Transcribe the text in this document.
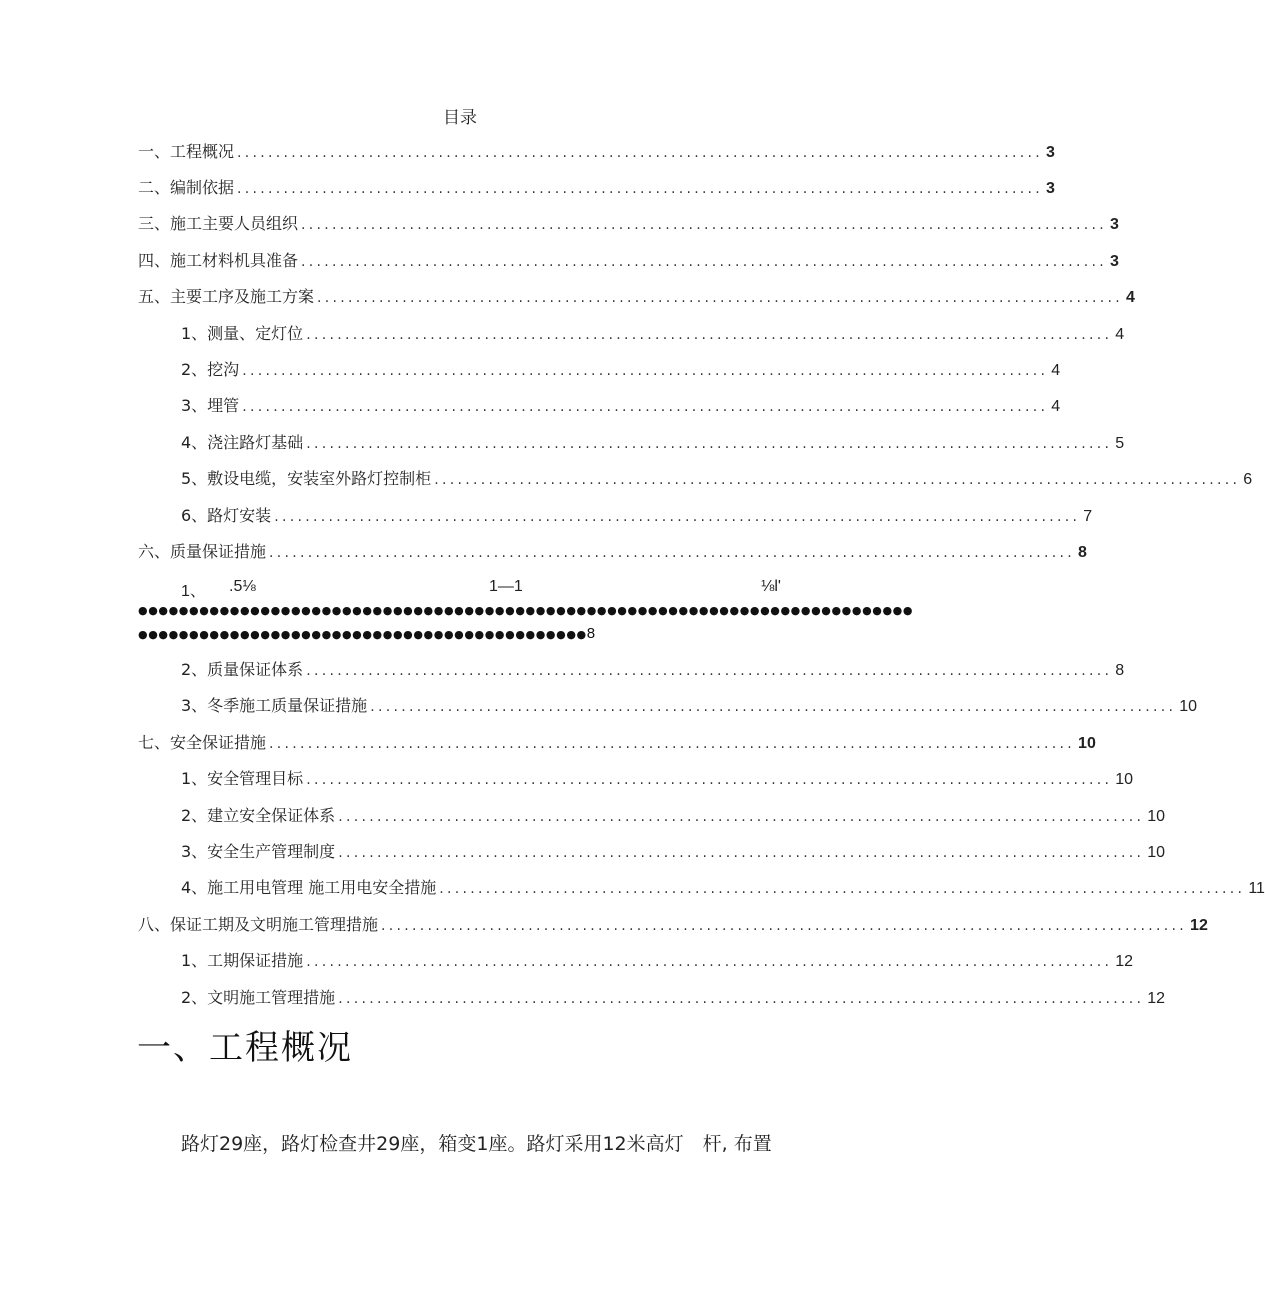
目录
一、工程概况 ........................................................................................................ 3
二、编制依据 ........................................................................................................ 3
三、施工主要人员组织 ........................................................................................................ 3
四、施工材料机具准备 ........................................................................................................ 3
五、主要工序及施工方案 ........................................................................................................ 4
1、测量、定灯位 ........................................................................................................ 4
2、挖沟 ........................................................................................................ 4
3、埋管 ........................................................................................................ 4
4、浇注路灯基础 ........................................................................................................ 5
5、敷设电缆，安装室外路灯控制柜 ........................................................................................................ 6
6、路灯安装 ........................................................................................................ 7
六、质量保证措施 ........................................................................................................ 8
1、 .5⅛	1—1	⅛l'
●●●●●●●●●●●●●●●●●●●●●●●●●●●●●●●●●●●●●●●●●●●●●●●●●●●●●●●●●●●●●●●●●●●●●●●●●●●●
●●●●●●●●●●●●●●●●●●●●●●●●●●●●●●●●●●●●●●●●●●●●8
2、质量保证体系 ........................................................................................................ 8
3、冬季施工质量保证措施 ........................................................................................................ 10
七、安全保证措施 ........................................................................................................ 10
1、安全管理目标 ........................................................................................................ 10
2、建立安全保证体系 ........................................................................................................ 10
3、安全生产管理制度 ........................................................................................................ 10
4、施工用电管理 施工用电安全措施 ........................................................................................................ 11
八、保证工期及文明施工管理措施 ........................................................................................................ 12
1、工期保证措施 ........................................................................................................ 12
2、文明施工管理措施 ........................................................................................................ 12
一、工程概况
路灯29座，路灯检查井29座，箱变1座。路灯采用12米高灯　杆, 布置
